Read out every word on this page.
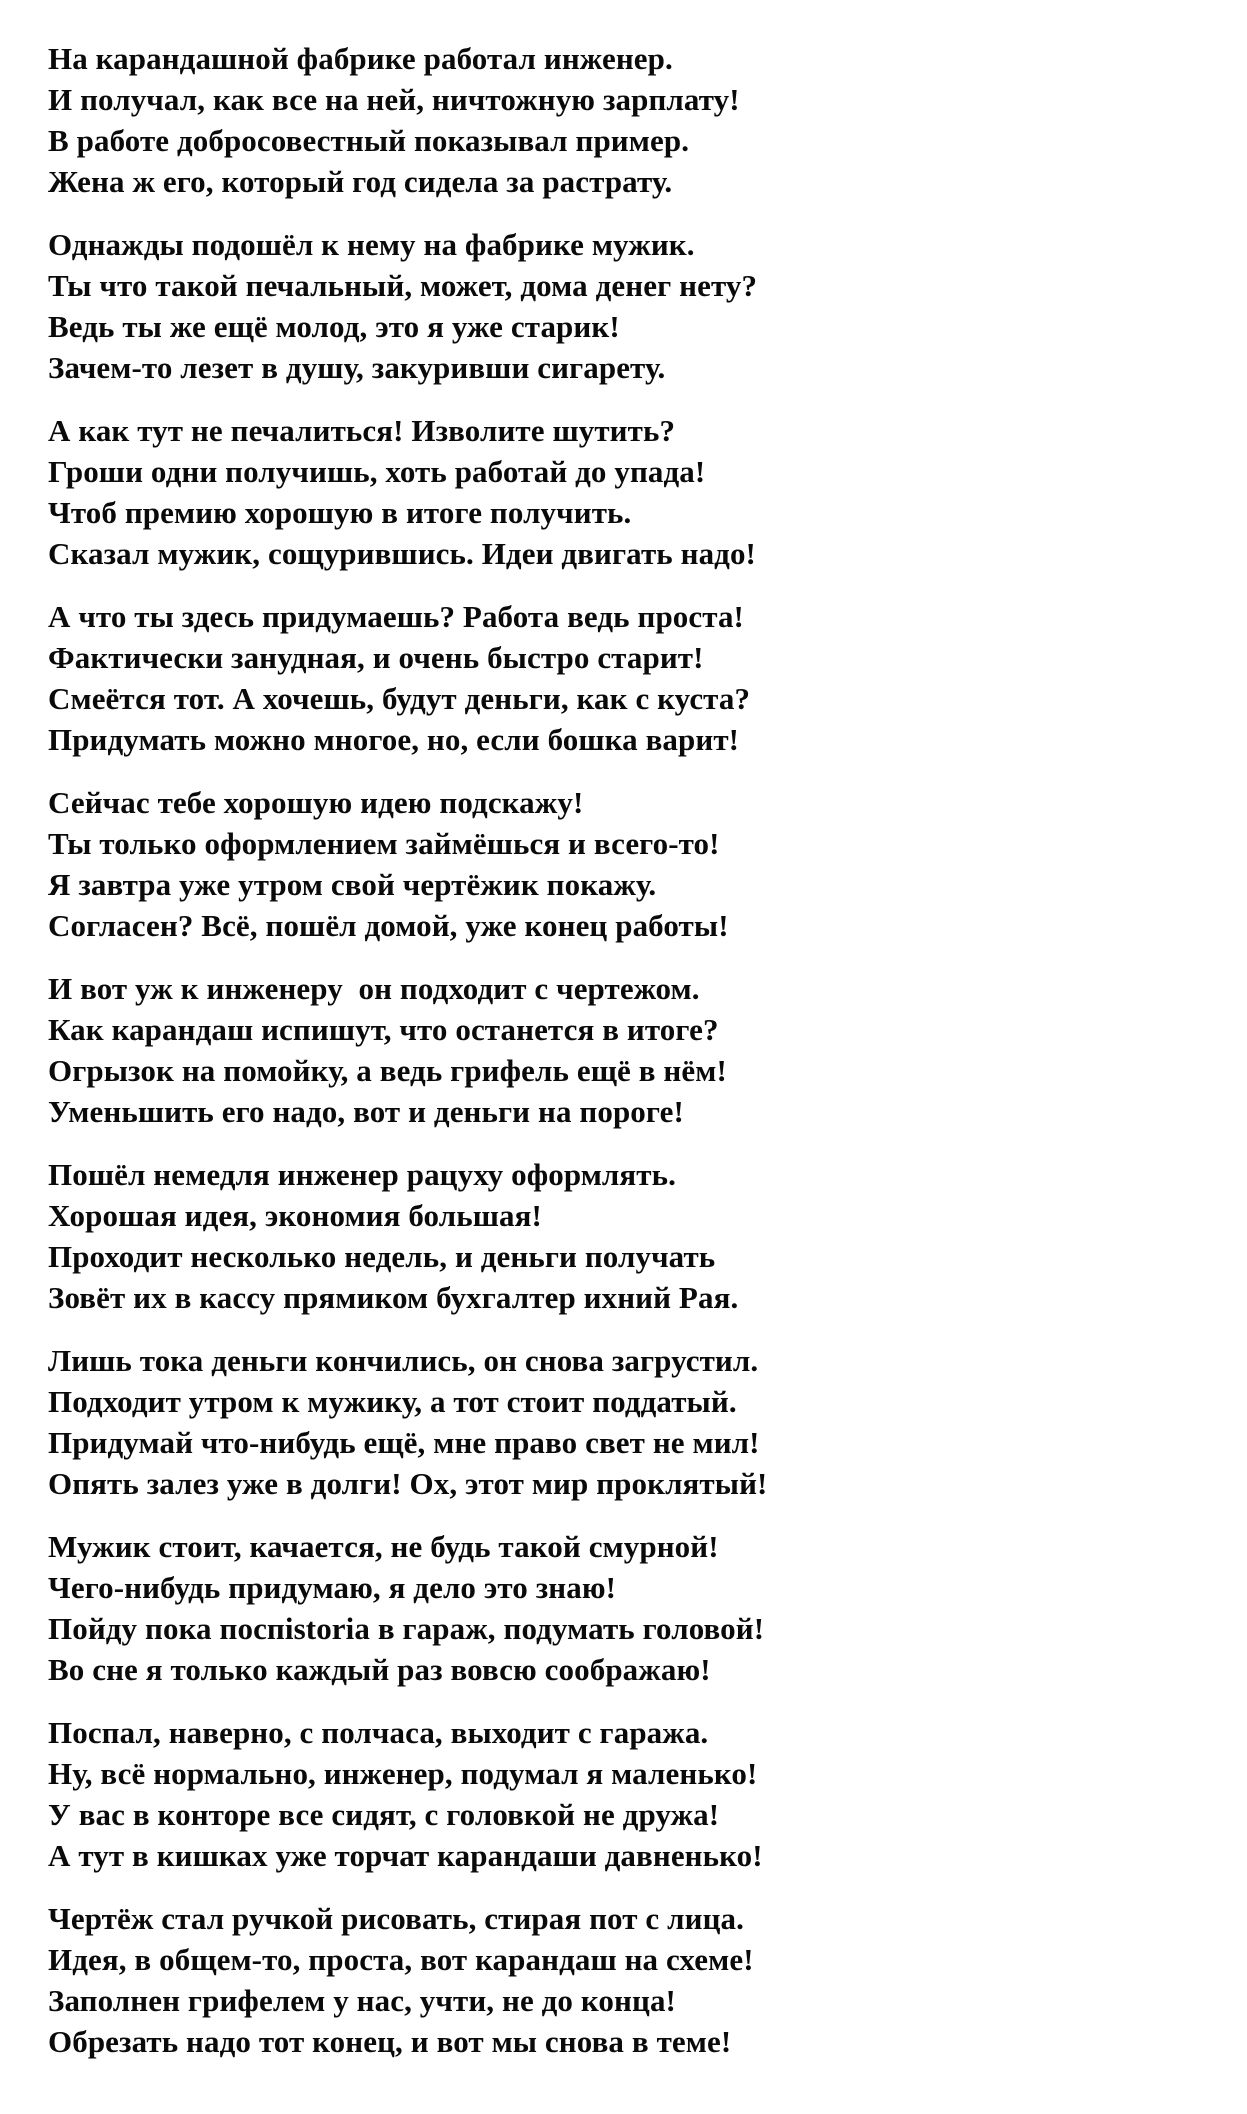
На карандашной фабрике работал инженер.
И получал, как все на ней, ничтожную зарплату!
В работе добросовестный показывал пример.
Жена ж его, который год сидела за растрату.
Однажды подошёл к нему на фабрике мужик.
Ты что такой печальный, может, дома денег нету?
Ведь ты же ещё молод, это я уже старик!
Зачем-то лезет в душу, закуривши сигарету.
А как тут не печалиться! Изволите шутить?
Гроши одни получишь, хоть работай до упада!
Чтоб премию хорошую в итоге получить.
Сказал мужик, сощурившись. Идеи двигать надо!
А что ты здесь придумаешь? Работа ведь проста!
Фактически занудная, и очень быстро старит!
Смеётся тот. А хочешь, будут деньги, как с куста?
Придумать можно многое, но, если бошка варит!
Сейчас тебе хорошую идею подскажу!
Ты только оформлением займёшься и всего-то!
Я завтра уже утром свой чертёжик покажу.
Согласен? Всё, пошёл домой, уже конец работы!
И вот уж к инженеру  он подходит с чертежом.
Как карандаш испишут, что останется в итоге?
Огрызок на помойку, а ведь грифель ещё в нём!
Уменьшить его надо, вот и деньги на пороге!
Пошёл немедля инженер рацуху оформлять.
Хорошая идея, экономия большая!
Проходит несколько недель, и деньги получать
Зовёт их в кассу прямиком бухгалтер ихний Рая.
Лишь тока деньги кончились, он снова загрустил.
Подходит утром к мужику, а тот стоит поддатый.
Придумай что-нибудь ещё, мне право свет не мил!
Опять залез уже в долги! Ох, этот мир проклятый!
Мужик стоит, качается, не будь такой смурной!
Чего-нибудь придумаю, я дело это знаю!
Пойду пока поспistoria в гараж, подумать головой!
Во сне я только каждый раз вовсю соображаю!
Поспал, наверно, с полчаса, выходит с гаража.
Ну, всё нормально, инженер, подумал я маленько!
У вас в конторе все сидят, с головкой не дружа!
А тут в кишках уже торчат карандаши давненько!
Чертёж стал ручкой рисовать, стирая пот с лица.
Идея, в общем-то, проста, вот карандаш на схеме!
Заполнен грифелем у нас, учти, не до конца!
Обрезать надо тот конец, и вот мы снова в теме!
